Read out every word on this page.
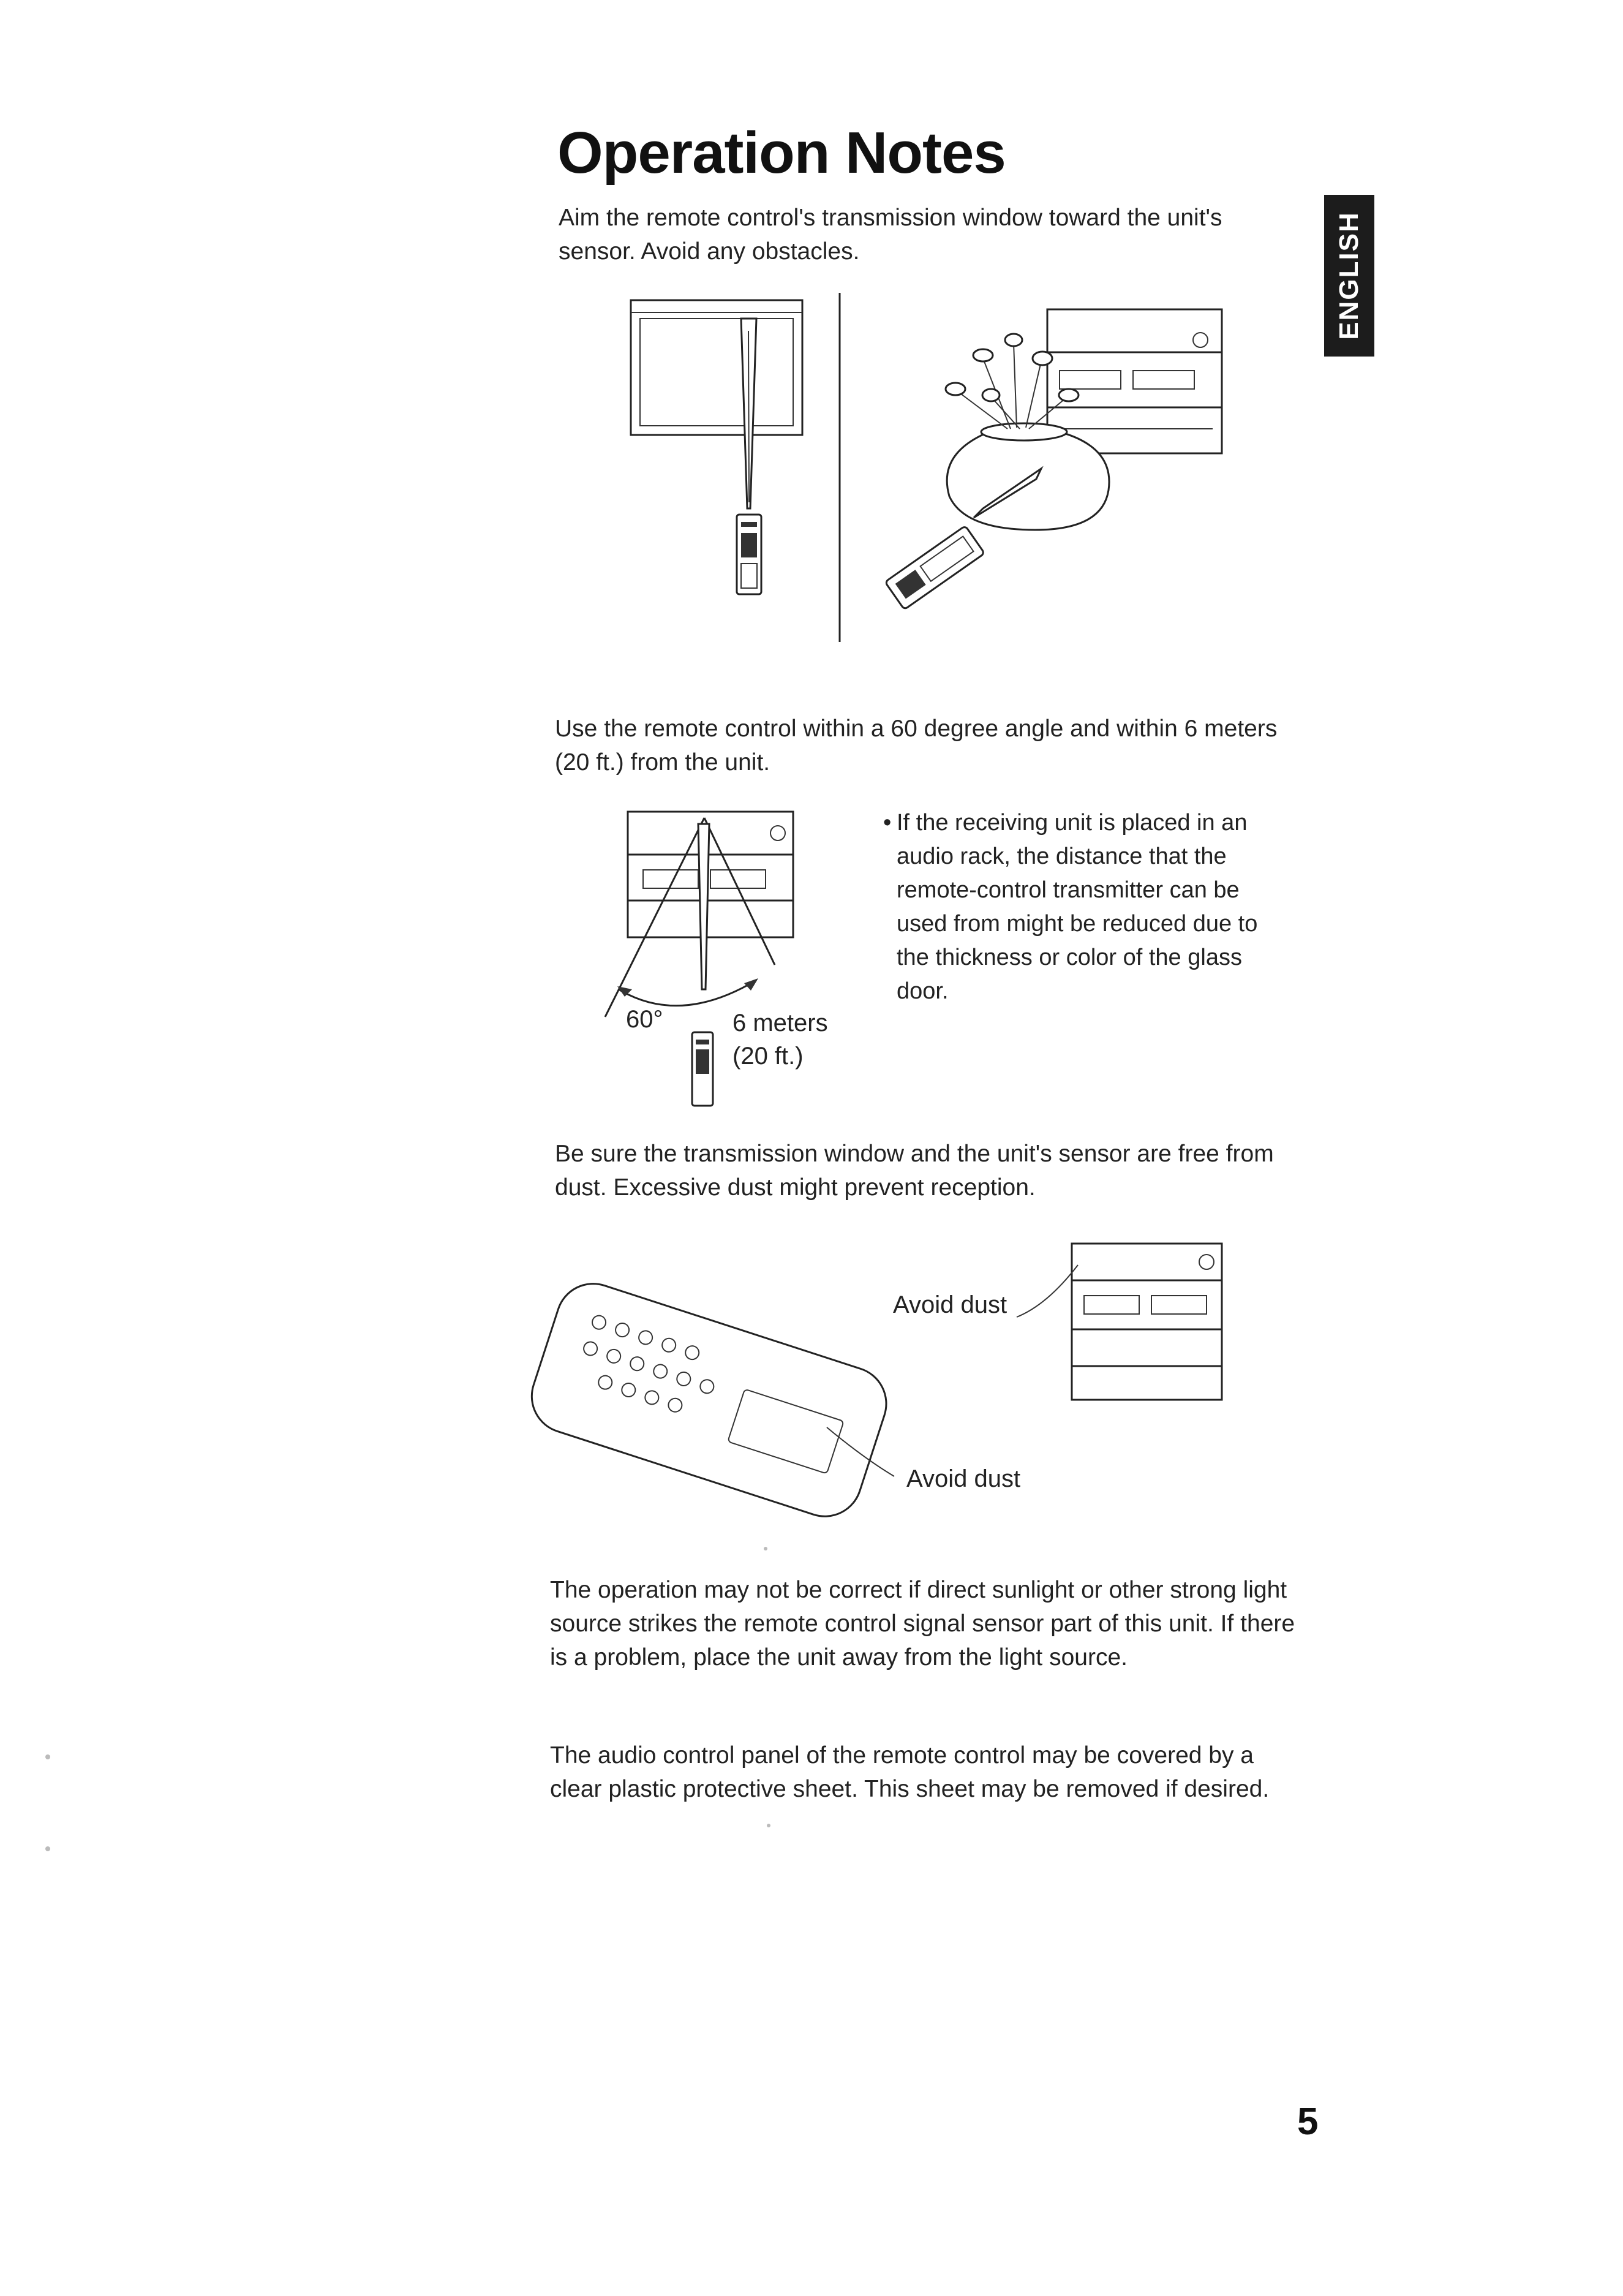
Operation Notes
ENGLISH
Aim the remote control's transmission window toward the unit's sensor. Avoid any obstacles.
Use the remote control within a 60 degree angle and within 6 meters (20 ft.) from the unit.
60°	6 meters
(20 ft.)
• If the receiving unit is placed in an audio rack, the distance that the remote-control transmitter can be used from might be reduced due to the thickness or color of the glass door.
Be sure the transmission window and the unit's sensor are free from dust. Excessive dust might prevent reception.
Avoid dust
Avoid dust
The operation may not be correct if direct sunlight or other strong light source strikes the remote control signal sensor part of this unit. If there is a problem, place the unit away from the light source.
The audio control panel of the remote control may be covered by a clear plastic protective sheet. This sheet may be removed if desired.
5
